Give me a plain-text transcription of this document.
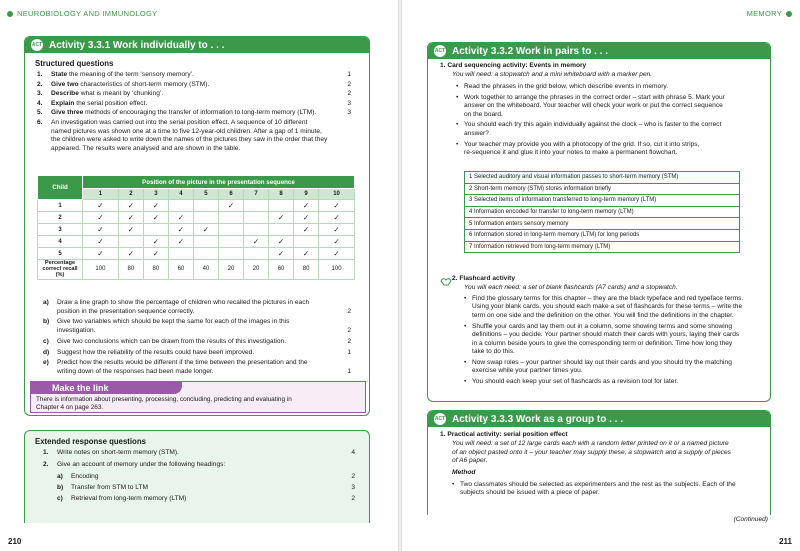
NEUROBIOLOGY AND IMMUNOLOGY
ACT Activity 3.3.1 Work individually to . . .
Structured questions
1. State the meaning of the term ‘sensory memory’.	1
2. Give two characteristics of short-term memory (STM).	2
3. Describe what is meant by ‘chunking’.	2
4. Explain the serial position effect.	3
5. Give three methods of encouraging the transfer of information to long-term memory (LTM).	3
6. An investigation was carried out into the serial position effect. A sequence of 10 different
named pictures was shown one at a time to five 12-year-old children. After a gap of 1 minute,
the children were asked to write down the names of the pictures they saw in the order that they
appeared. The results were analysed and are shown in the table.
Child	Position of the picture in the presentation sequence									
	1	2	3	4	5	6	7	8	9	10
1	✓	✓	✓			✓			✓	✓
2	✓	✓	✓	✓				✓	✓	✓
3	✓	✓		✓	✓				✓	✓
4	✓		✓	✓			✓	✓		✓
5	✓	✓	✓					✓	✓	✓

Percentage
correct recall (%)	100	80	80	60	40	20	20	60	80	100
a) Draw a line graph to show the percentage of children who recalled the pictures in each
position in the presentation sequence correctly.	2
b) Give two variables which should be kept the same for each of the images in this
investigation.	2
c) Give two conclusions which can be drawn from the results of this investigation.	2
d) Suggest how the reliability of the results could have been improved.	1
e) Predict how the results would be different if the time between the presentation and the
writing down of the responses had been made longer.	1
Make the link
There is information about presenting, processing, concluding, predicting and evaluating in
Chapter 4 on page 263.
Extended response questions
1. Write notes on short-term memory (STM).	4
2. Give an account of memory under the following headings:
a) Encoding	2
b) Transfer from STM to LTM	3
c) Retrieval from long-term memory (LTM)	2
210
MEMORY
ACT Activity 3.3.2 Work in pairs to . . .
1. Card sequencing activity: Events in memory
You will need: a stopwatch and a mini whiteboard with a marker pen.
• Read the phrases in the grid below, which describe events in memory.
• Work together to arrange the phrases in the correct order – start with phrase 5. Mark your
answer on the whiteboard. Your teacher will check your work or put the correct sequence
on the board.
• You should each try this again individually against the clock – who is faster to the correct
answer?
• Your teacher may provide you with a photocopy of the grid. If so, cut it into strips,
re-sequence it and glue it into your notes to make a permanent flowchart.
1 Selected auditory and visual information passes to short-term memory (STM)
2 Short-term memory (STM) stores information briefly
3 Selected items of information transferred to long-term memory (LTM)
4 Information encoded for transfer to long-term memory (LTM)
5 Information enters sensory memory
6 Information stored in long-term memory (LTM) for long periods
7 Information retrieved from long-term memory (LTM)
2. Flashcard activity
You will each need: a set of blank flashcards (A7 cards) and a stopwatch.
• Find the glossary terms for this chapter – they are the black typeface and red typeface terms.
Using your blank cards, you should each make a set of flashcards for these terms – write the
term on one side and the definition on the other. You will find the definitions in the chapter.
• Shuffle your cards and lay them out in a column, some showing terms and some showing
definitions – you decide. Your partner should match their cards with yours, laying their cards
in a column beside yours to give the corresponding term or definition. Time how long they
take to do this.
• Now swap roles – your partner should lay out their cards and you should try the matching
exercise while your partner times you.
• You should each keep your set of flashcards as a revision tool for later.
ACT Activity 3.3.3 Work as a group to . . .
1. Practical activity: serial position effect
You will need: a set of 12 large cards each with a random letter printed on it or a named picture
of an object pasted onto it – your teacher may supply these, a stopwatch and a supply of pieces
of A6 paper.
Method
• Two classmates should be selected as experimenters and the rest as the subjects. Each of the
subjects should be issued with a piece of paper.
(Continued)
211
